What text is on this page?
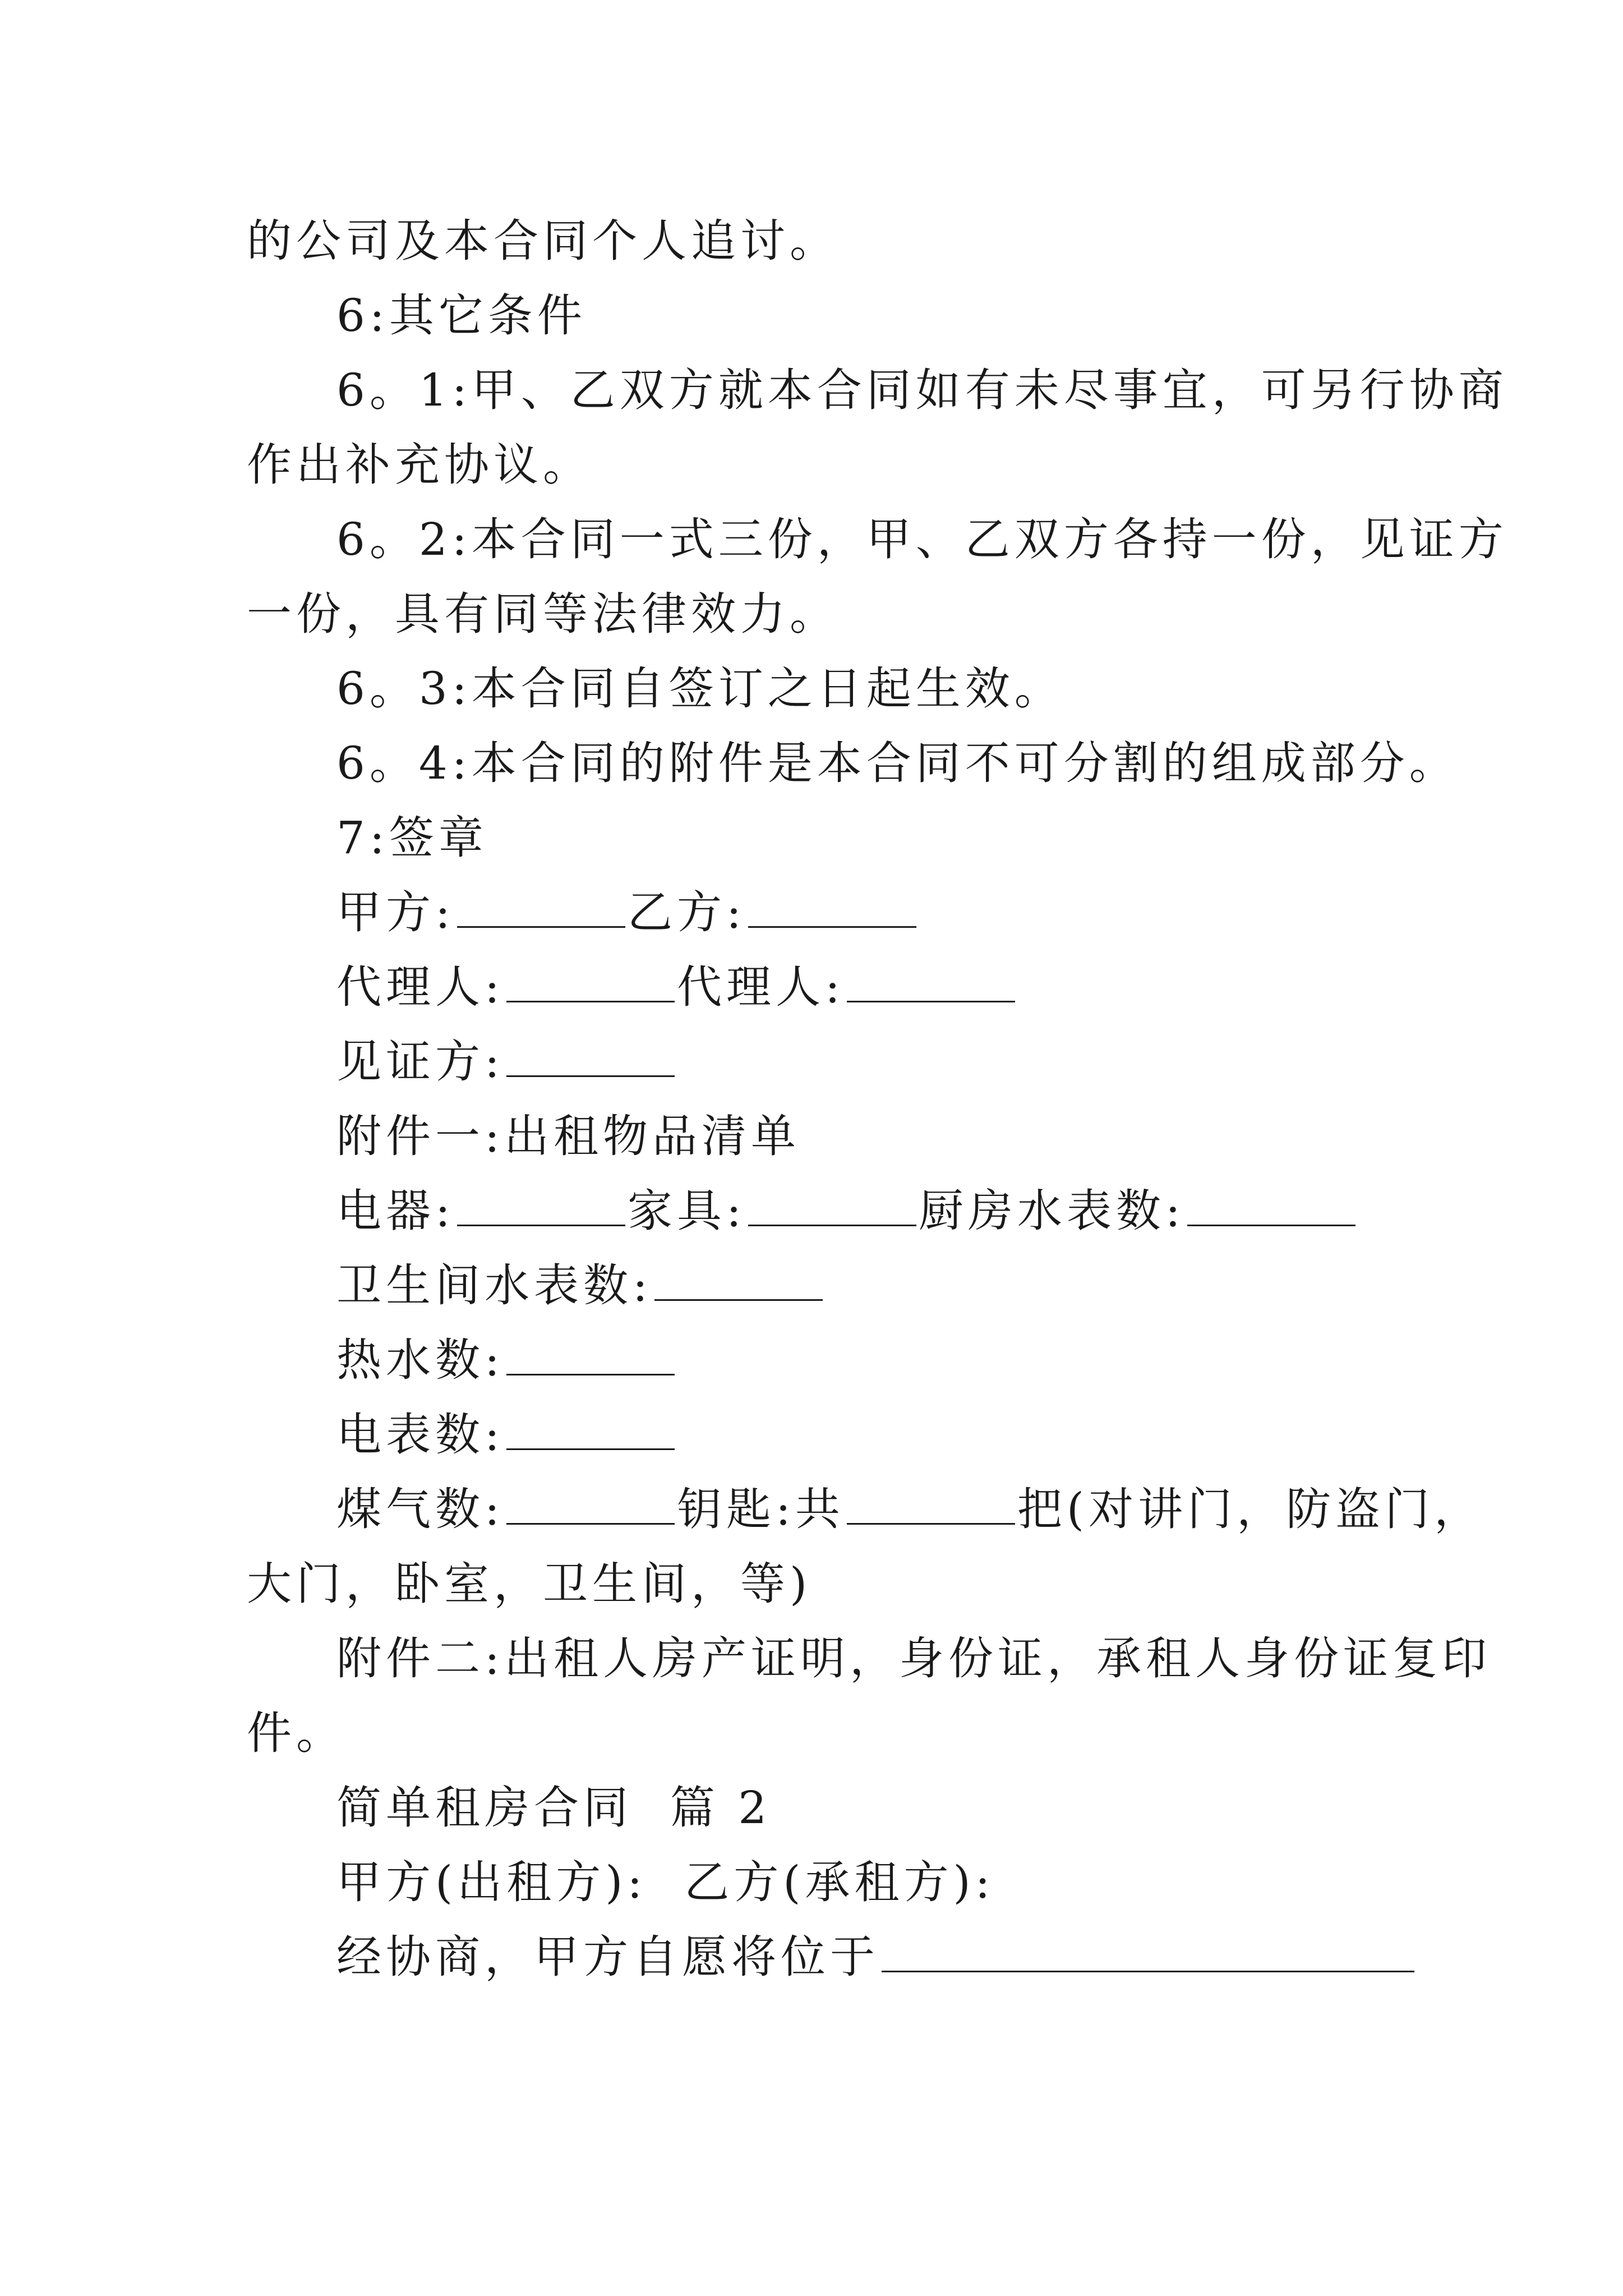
的公司及本合同个人追讨。
6:其它条件
6。1:甲、乙双方就本合同如有未尽事宜，可另行协商
作出补充协议。
6。2:本合同一式三份，甲、乙双方各持一份，见证方
一份，具有同等法律效力。
6。3:本合同自签订之日起生效。
6。4:本合同的附件是本合同不可分割的组成部分。
7:签章
甲方:	乙方:
代理人:	代理人:
见证方:
附件一:出租物品清单
电器:	家具:	厨房水表数:
卫生间水表数:
热水数:
电表数:
煤气数:	钥匙:共	把(对讲门，防盗门，
大门，卧室，卫生间，等)
附件二:出租人房产证明，身份证，承租人身份证复印
件。
简单租房合同  篇 2
甲方(出租方):  乙方(承租方):
经协商，甲方自愿将位于
